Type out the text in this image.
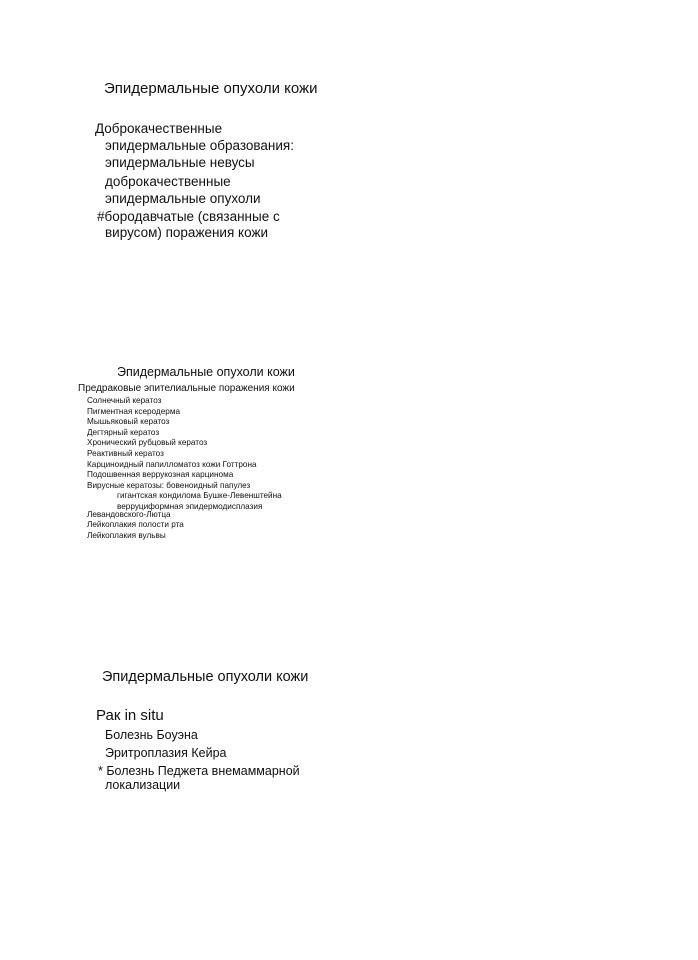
Эпидермальные опухоли кожи
Доброкачественные
эпидермальные образования:
эпидермальные невусы
доброкачественные
эпидермальные опухоли
#бородавчатые (связанные с
вирусом) поражения кожи
Эпидермальные опухоли кожи
Предраковые эпителиальные поражения кожи
Солнечный кератоз
Пигментная ксеродерма
Мышьяковый кератоз
Дегтярный кератоз
Хронический рубцовый кератоз
Реактивный кератоз
Карциноидный папилломатоз кожи Готтрона
Подошвенная веррукозная карцинома
Вирусные кератозы: бовеноидный папулез
гигантская кондилома Бушке-Левенштейна
верруциформная эпидермодисплазия
Левандовского-Лютца
Лейкоплакия полости рта
Лейкоплакия вульвы
Эпидермальные опухоли кожи
Рак in situ
Болезнь Боуэна
Эритроплазия Кейра
* Болезнь Педжета внемаммарной
локализации
